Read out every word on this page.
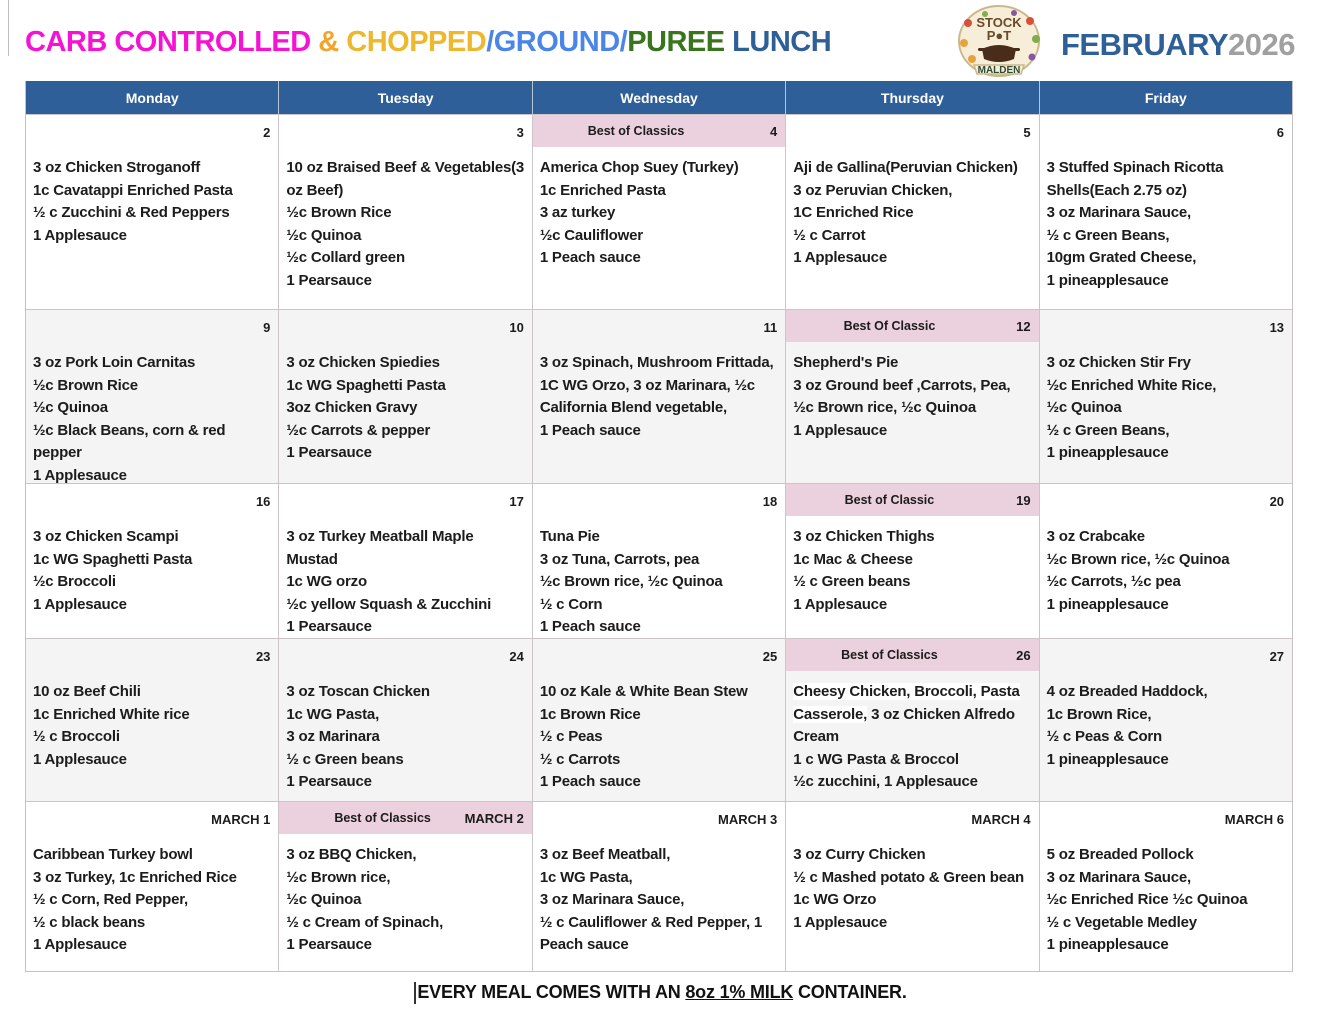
CARB CONTROLLED & CHOPPED/GROUND/PUREE LUNCH
STOCK
P●T
MALDEN
FEBRUARY2026
Monday	Tuesday	Wednesday	Thursday	Friday
2
3 oz Chicken Stroganoff
1c Cavatappi Enriched Pasta
½ c Zucchini & Red Peppers
1 Applesauce
3
10 oz Braised Beef & Vegetables(3 oz Beef)
½c Brown Rice
½c Quinoa
½c Collard green
1 Pearsauce
Best of Classics	4
America Chop Suey (Turkey)
1c Enriched Pasta
3 az turkey
½c Cauliflower
1 Peach sauce
5
Aji de Gallina(Peruvian Chicken)
3 oz Peruvian Chicken,
1C Enriched Rice
½ c Carrot
1 Applesauce
6
3 Stuffed Spinach Ricotta Shells(Each 2.75 oz)
3 oz Marinara Sauce,
½ c Green Beans,
10gm Grated Cheese,
1 pineapplesauce
9
3 oz Pork Loin Carnitas
½c Brown Rice
½c Quinoa
½c Black Beans, corn & red pepper
1 Applesauce
10
3 oz Chicken Spiedies
1c WG Spaghetti Pasta
3oz Chicken Gravy
½c Carrots & pepper
1 Pearsauce
11
3 oz Spinach, Mushroom Frittada, 1C WG Orzo, 3 oz Marinara, ½c California Blend vegetable,
1 Peach sauce
Best Of Classic	12
Shepherd's Pie
3 oz Ground beef ,Carrots, Pea,
½c Brown rice, ½c Quinoa
1 Applesauce
13
3 oz Chicken Stir Fry
½c Enriched White Rice,
½c Quinoa
½ c Green Beans,
1 pineapplesauce
16
3 oz Chicken Scampi
1c WG Spaghetti Pasta
½c Broccoli
1 Applesauce
17
3 oz Turkey Meatball Maple Mustad
1c WG orzo
½c yellow Squash & Zucchini
1 Pearsauce
18
Tuna Pie
3 oz Tuna, Carrots, pea
½c Brown rice, ½c Quinoa
½ c Corn
1 Peach sauce
Best of Classic	19
3 oz Chicken Thighs
1c Mac & Cheese
½ c Green beans
1 Applesauce
20
3 oz Crabcake
½c Brown rice, ½c Quinoa
½c Carrots, ½c pea
1 pineapplesauce
23
10 oz Beef Chili
1c Enriched White rice
½ c Broccoli
1 Applesauce
24
3 oz Toscan Chicken
1c WG Pasta,
3 oz Marinara
½ c Green beans
1 Pearsauce
25
10 oz Kale & White Bean Stew
1c Brown Rice
½ c Peas
½ c Carrots
1 Peach sauce
Best of Classics	26
Cheesy Chicken, Broccoli, Pasta Casserole, 3 oz Chicken Alfredo Cream
1 c WG Pasta & Broccol
½c zucchini, 1 Applesauce
27
4 oz Breaded Haddock,
1c Brown Rice,
½ c Peas & Corn
1 pineapplesauce
MARCH 1
Caribbean Turkey bowl
3 oz Turkey, 1c Enriched Rice
½ c Corn, Red Pepper,
½ c black beans
1 Applesauce
Best of Classics	MARCH 2
3 oz BBQ Chicken,
½c Brown rice,
½c Quinoa
½ c Cream of Spinach,
1 Pearsauce
MARCH 3
3 oz Beef Meatball,
1c WG Pasta,
3 oz Marinara Sauce,
½ c Cauliflower & Red Pepper, 1 Peach sauce
MARCH 4
3 oz Curry Chicken
½ c Mashed potato & Green bean
1c WG Orzo
1 Applesauce
MARCH 6
5 oz Breaded Pollock
3 oz Marinara Sauce,
½c Enriched Rice ½c Quinoa
½ c Vegetable Medley
1 pineapplesauce
EVERY MEAL COMES WITH AN 8oz 1% MILK CONTAINER.
